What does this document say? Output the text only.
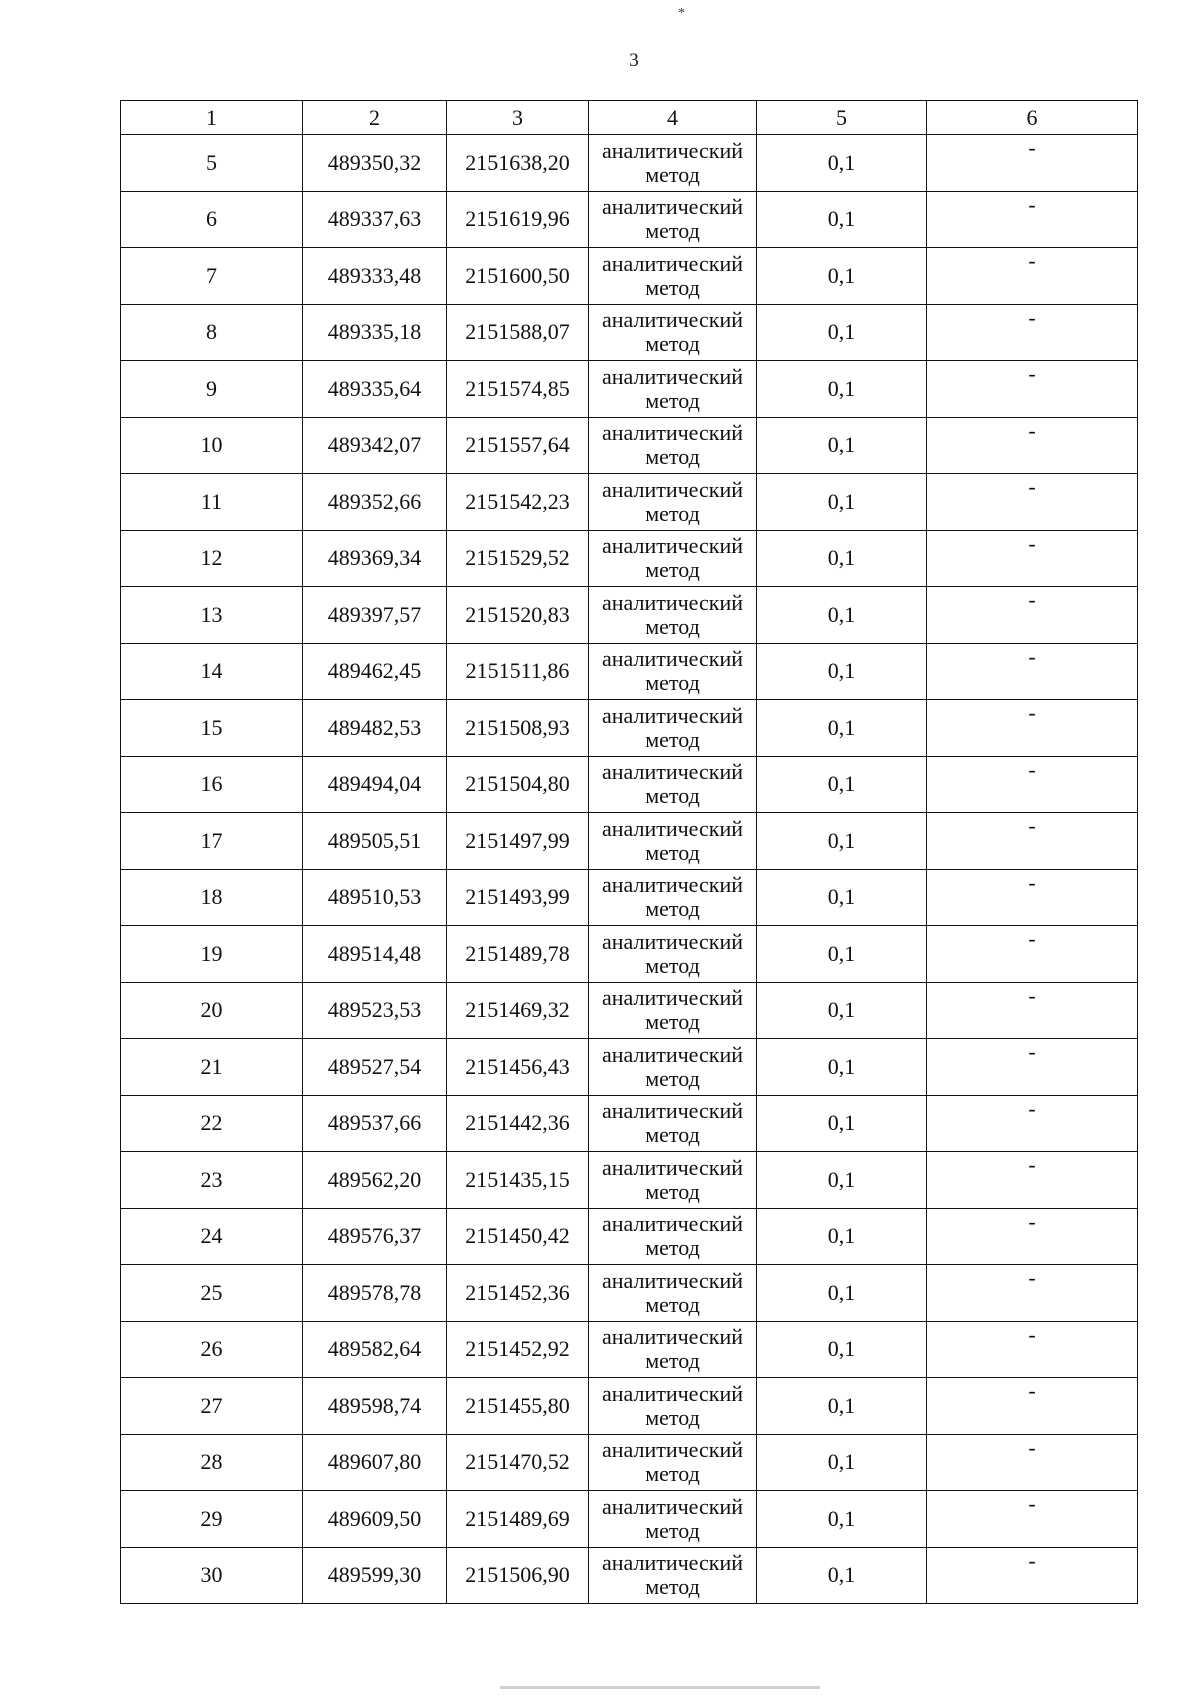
*
3
1	2	3	4	5	6
5	489350,32	2151638,20	аналитический
метод	0,1	-
6	489337,63	2151619,96	аналитический
метод	0,1	-
7	489333,48	2151600,50	аналитический
метод	0,1	-
8	489335,18	2151588,07	аналитический
метод	0,1	-
9	489335,64	2151574,85	аналитический
метод	0,1	-
10	489342,07	2151557,64	аналитический
метод	0,1	-
11	489352,66	2151542,23	аналитический
метод	0,1	-
12	489369,34	2151529,52	аналитический
метод	0,1	-
13	489397,57	2151520,83	аналитический
метод	0,1	-
14	489462,45	2151511,86	аналитический
метод	0,1	-
15	489482,53	2151508,93	аналитический
метод	0,1	-
16	489494,04	2151504,80	аналитический
метод	0,1	-
17	489505,51	2151497,99	аналитический
метод	0,1	-
18	489510,53	2151493,99	аналитический
метод	0,1	-
19	489514,48	2151489,78	аналитический
метод	0,1	-
20	489523,53	2151469,32	аналитический
метод	0,1	-
21	489527,54	2151456,43	аналитический
метод	0,1	-
22	489537,66	2151442,36	аналитический
метод	0,1	-
23	489562,20	2151435,15	аналитический
метод	0,1	-
24	489576,37	2151450,42	аналитический
метод	0,1	-
25	489578,78	2151452,36	аналитический
метод	0,1	-
26	489582,64	2151452,92	аналитический
метод	0,1	-
27	489598,74	2151455,80	аналитический
метод	0,1	-
28	489607,80	2151470,52	аналитический
метод	0,1	-
29	489609,50	2151489,69	аналитический
метод	0,1	-
30	489599,30	2151506,90	аналитический
метод	0,1	-
